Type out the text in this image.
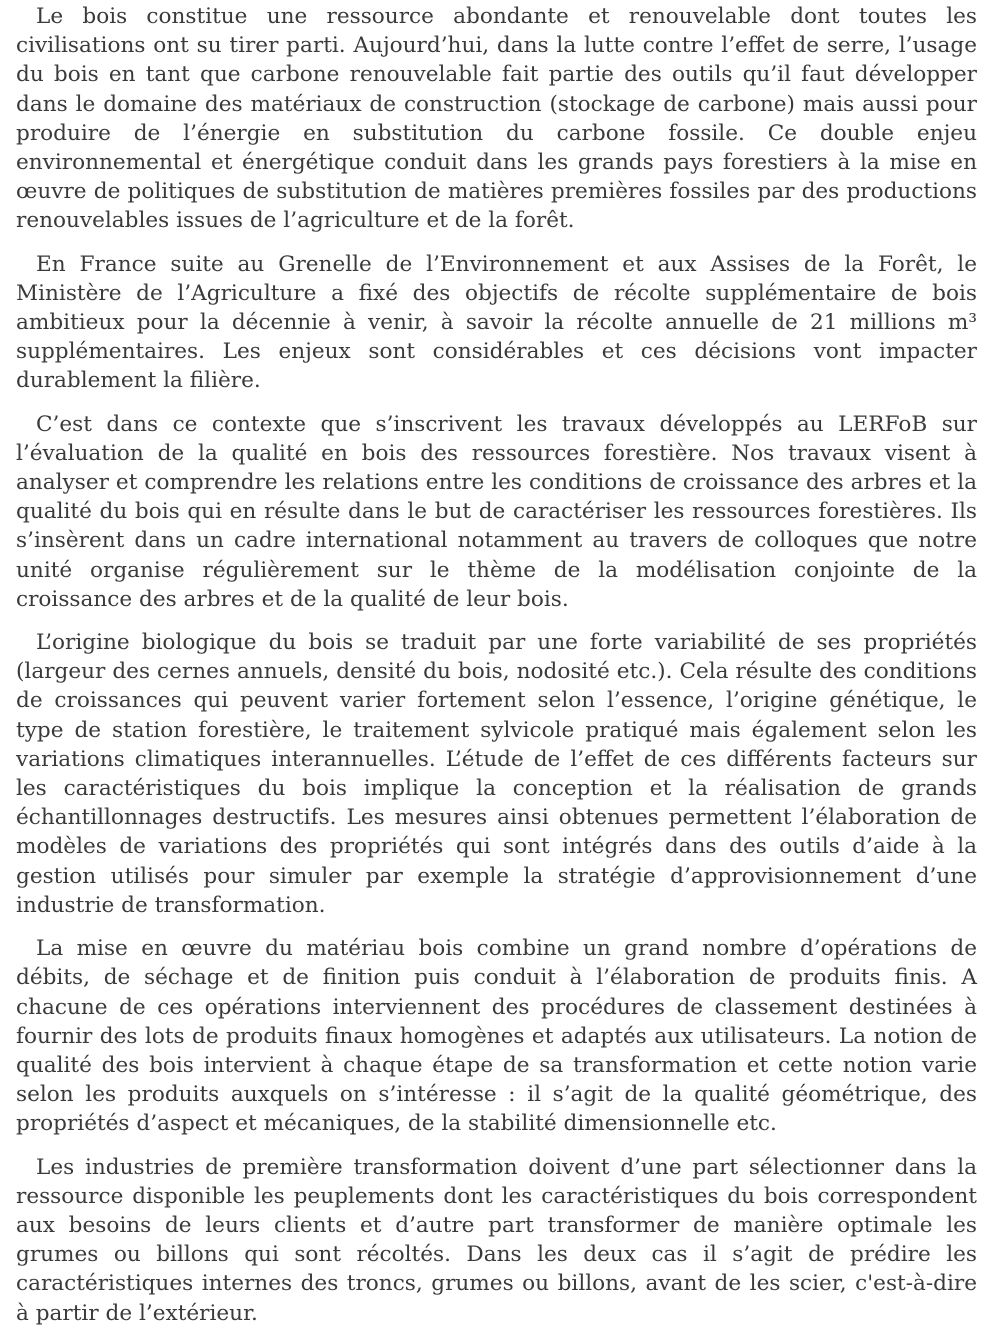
Le bois constitue une ressource abondante et renouvelable dont toutes les civilisations ont su tirer parti. Aujourd’hui, dans la lutte contre l’effet de serre, l’usage du bois en tant que carbone renouvelable fait partie des outils qu’il faut développer dans le domaine des matériaux de construction (stockage de carbone) mais aussi pour produire de l’énergie en substitution du carbone fossile. Ce double enjeu environnemental et énergétique conduit dans les grands pays forestiers à la mise en œuvre de politiques de substitution de matières premières fossiles par des productions renouvelables issues de l’agriculture et de la forêt.

En France suite au Grenelle de l’Environnement et aux Assises de la Forêt, le Ministère de l’Agriculture a fixé des objectifs de récolte supplémentaire de bois ambitieux pour la décennie à venir, à savoir la récolte annuelle de 21 millions m³ supplémentaires. Les enjeux sont considérables et ces décisions vont impacter durablement la filière.

C’est dans ce contexte que s’inscrivent les travaux développés au LERFoB sur l’évaluation de la qualité en bois des ressources forestière. Nos travaux visent à analyser et comprendre les relations entre les conditions de croissance des arbres et la qualité du bois qui en résulte dans le but de caractériser les ressources forestières. Ils s’insèrent dans un cadre international notamment au travers de colloques que notre unité organise régulièrement sur le thème de la modélisation conjointe de la croissance des arbres et de la qualité de leur bois.

L’origine biologique du bois se traduit par une forte variabilité de ses propriétés (largeur des cernes annuels, densité du bois, nodosité etc.). Cela résulte des conditions de croissances qui peuvent varier fortement selon l’essence, l’origine génétique, le type de station forestière, le traitement sylvicole pratiqué mais également selon les variations climatiques interannuelles. L’étude de l’effet de ces différents facteurs sur les caractéristiques du bois implique la conception et la réalisation de grands échantillonnages destructifs. Les mesures ainsi obtenues permettent l’élaboration de modèles de variations des propriétés qui sont intégrés dans des outils d’aide à la gestion utilisés pour simuler par exemple la stratégie d’approvisionnement d’une industrie de transformation.

La mise en œuvre du matériau bois combine un grand nombre d’opérations de débits, de séchage et de finition puis conduit à l’élaboration de produits finis. A chacune de ces opérations interviennent des procédures de classement destinées à fournir des lots de produits finaux homogènes et adaptés aux utilisateurs. La notion de qualité des bois intervient à chaque étape de sa transformation et cette notion varie selon les produits auxquels on s’intéresse : il s’agit de la qualité géométrique, des propriétés d’aspect et mécaniques, de la stabilité dimensionnelle etc.

Les industries de première transformation doivent d’une part sélectionner dans la ressource disponible les peuplements dont les caractéristiques du bois correspondent aux besoins de leurs clients et d’autre part transformer de manière optimale les grumes ou billons qui sont récoltés. Dans les deux cas il s’agit de prédire les caractéristiques internes des troncs, grumes ou billons, avant de les scier, c'est-à-dire à partir de l’extérieur.
